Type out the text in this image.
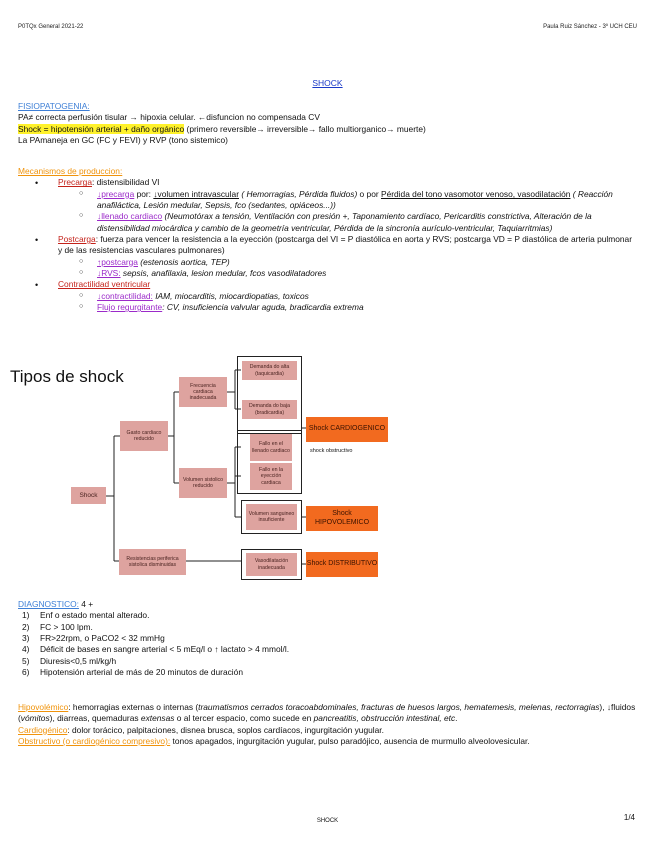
P0TQx General 2021-22	Paula Ruiz Sánchez - 3º UCH CEU
SHOCK
FISIOPATOGENIA:
PA≠ correcta perfusión tisular → hipoxia celular. ←disfuncion no compensada CV
Shock = hipotensión arterial + daño orgánico (primero reversible→ irreversible→ fallo multiorganico→ muerte)
La PAmaneja en GC (FC y FEVI) y RVP (tono sistemico)
Mecanismos de produccion:
• Precarga: distensibilidad VI
○ ↓precarga por: ↓volumen intravascular ( Hemorragias, Pérdida fluidos) o por Pérdida del tono vasomotor venoso, vasodilatación ( Reacción anafiláctica, Lesión medular, Sepsis, fco (sedantes, opiáceos...))
○ ↓llenado cardiaco (Neumotórax a tensión, Ventilación con presión +, Taponamiento cardíaco, Pericarditis constrictiva, Alteración de la distensibilidad miocárdica y cambio de la geometría ventricular, Pérdida de la sincronía aurículo-ventricular, Taquiarritmias)
• Postcarga: fuerza para vencer la resistencia a la eyección (postcarga del VI = P diastólica en aorta y RVS; postcarga VD = P diastólica de arteria pulmonar y de las resistencias vasculares pulmonares)
○ ↑postcarga (estenosis aortica, TEP)
○ ↓RVS: sepsis, anafilaxia, lesion medular, fcos vasodilatadores
• Contractilidad ventricular
○ ↓contractilidad: IAM, miocarditis, miocardiopatias, toxicos
○ Flujo regurgitante: CV, insuficiencia valvular aguda, bradicardia extrema
Tipos de shock
Shock
Gasto cardiaco reducido
Resistencias periferica sistolica disminuidas
Frecuencia cardiaca inadecuada
Volumen sistolico reducido
Demanda do alta (taquicardia)
Demanda do baja (bradicardia)
Fallo en el llenado cardiaco
Fallo en la eyección cardiaca
Volumen sanguineo insuficiente
Vasodilatación inadecuada
Shock CARDIOGENICO
shock obstructivo
Shock HIPOVOLEMICO
Shock DISTRIBUTIVO
DIAGNOSTICO: 4 +
1) Enf o estado mental alterado.
2) FC > 100 lpm.
3) FR>22rpm, o PaCO2 < 32 mmHg
4) Déficit de bases en sangre arterial < 5 mEq/l o ↑ lactato > 4 mmol/l.
5) Diuresis<0,5 ml/kg/h
6) Hipotensión arterial de más de 20 minutos de duración
Hipovolémico: hemorragias externas o internas (traumatismos cerrados toracoabdominales, fracturas de huesos largos, hematemesis, melenas, rectorragias), ↓fluidos (vómitos), diarreas, quemaduras extensas o al tercer espacio, como sucede en pancreatitis, obstrucción intestinal, etc.
Cardiogénico: dolor torácico, palpitaciones, disnea brusca, soplos cardíacos, ingurgitación yugular.
Obstructivo (o cardiogénico compresivo): tonos apagados, ingurgitación yugular, pulso paradójico, ausencia de murmullo alveolovesicular.
SHOCK	1/4
